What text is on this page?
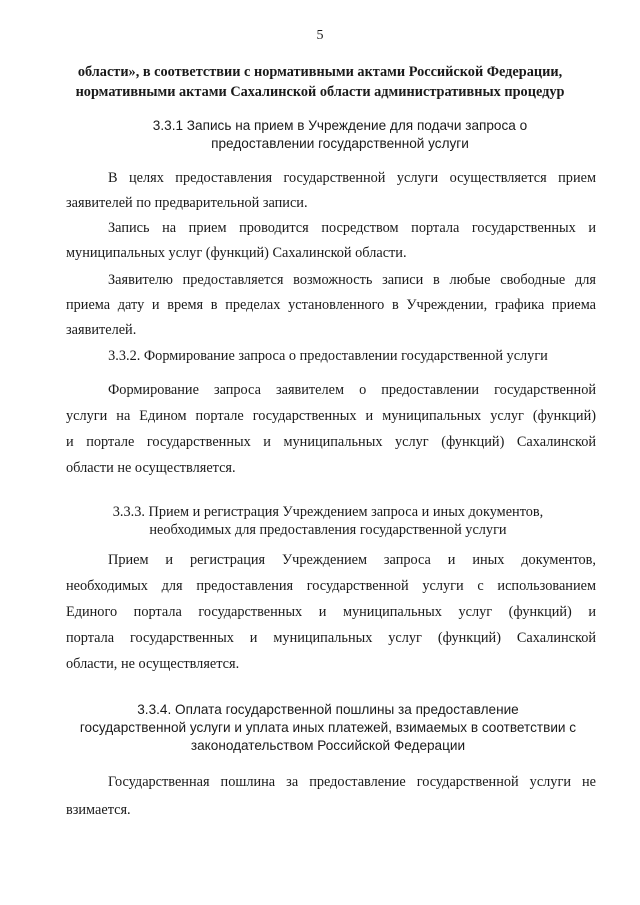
5
области», в соответствии с нормативными актами Российской Федерации,
нормативными актами Сахалинской области административных процедур
3.3.1 Запись на прием в Учреждение для подачи запроса о
предоставлении государственной услуги
В целях предоставления государственной услуги осуществляется прием
заявителей по предварительной записи.
Запись на прием проводится посредством портала государственных и
муниципальных услуг (функций) Сахалинской области.
Заявителю предоставляется возможность записи в любые свободные для
приема дату и время в пределах установленного в Учреждении, графика приема
заявителей.
3.3.2. Формирование запроса о предоставлении государственной услуги
Формирование запроса заявителем о предоставлении государственной
услуги на Едином портале государственных и муниципальных услуг (функций)
и портале государственных и муниципальных услуг (функций) Сахалинской
области не осуществляется.
3.3.3. Прием и регистрация Учреждением запроса и иных документов,
необходимых для предоставления государственной услуги
Прием и регистрация Учреждением запроса и иных документов,
необходимых для предоставления государственной услуги с использованием
Единого портала государственных и муниципальных услуг (функций) и
портала государственных и муниципальных услуг (функций) Сахалинской
области, не осуществляется.
3.3.4. Оплата государственной пошлины за предоставление
государственной услуги и уплата иных платежей, взимаемых в соответствии с
законодательством Российской Федерации
Государственная пошлина за предоставление государственной услуги не
взимается.
